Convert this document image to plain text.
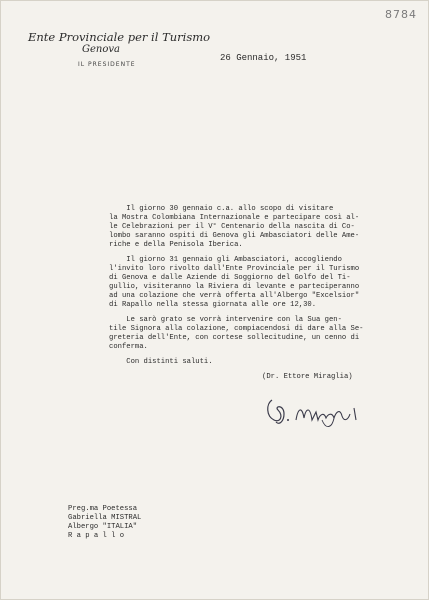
8784
Ente Provinciale per il Turismo
Genova
IL PRESIDENTE
26 Gennaio, 1951

Il giorno 30 gennaio c.a. allo scopo di visitare
la Mostra Colombiana Internazionale e partecipare così al-
le Celebrazioni per il V° Centenario della nascita di Co-
lombo saranno ospiti di Genova gli Ambasciatori delle Ame-
riche e della Penisola Iberica.

Il giorno 31 gennaio gli Ambasciatori, accogliendo
l'invito loro rivolto dall'Ente Provinciale per il Turismo
di Genova e dalle Aziende di Soggiorno del Golfo del Ti-
gullio, visiteranno la Riviera di levante e parteciperanno
ad una colazione che verrà offerta all'Albergo "Excelsior"
di Rapallo nella stessa giornata alle ore 12,30.

Le sarò grato se vorrà intervenire con la Sua gen-
tile Signora alla colazione, compiacendosi di dare alla Se-
greteria dell'Ente, con cortese sollecitudine, un cenno di
conferma.

Con distinti saluti.

(Dr. Ettore Miraglia)
Preg.ma Poetessa
Gabriella MISTRAL
Albergo "ITALIA"
R a p a l l o
